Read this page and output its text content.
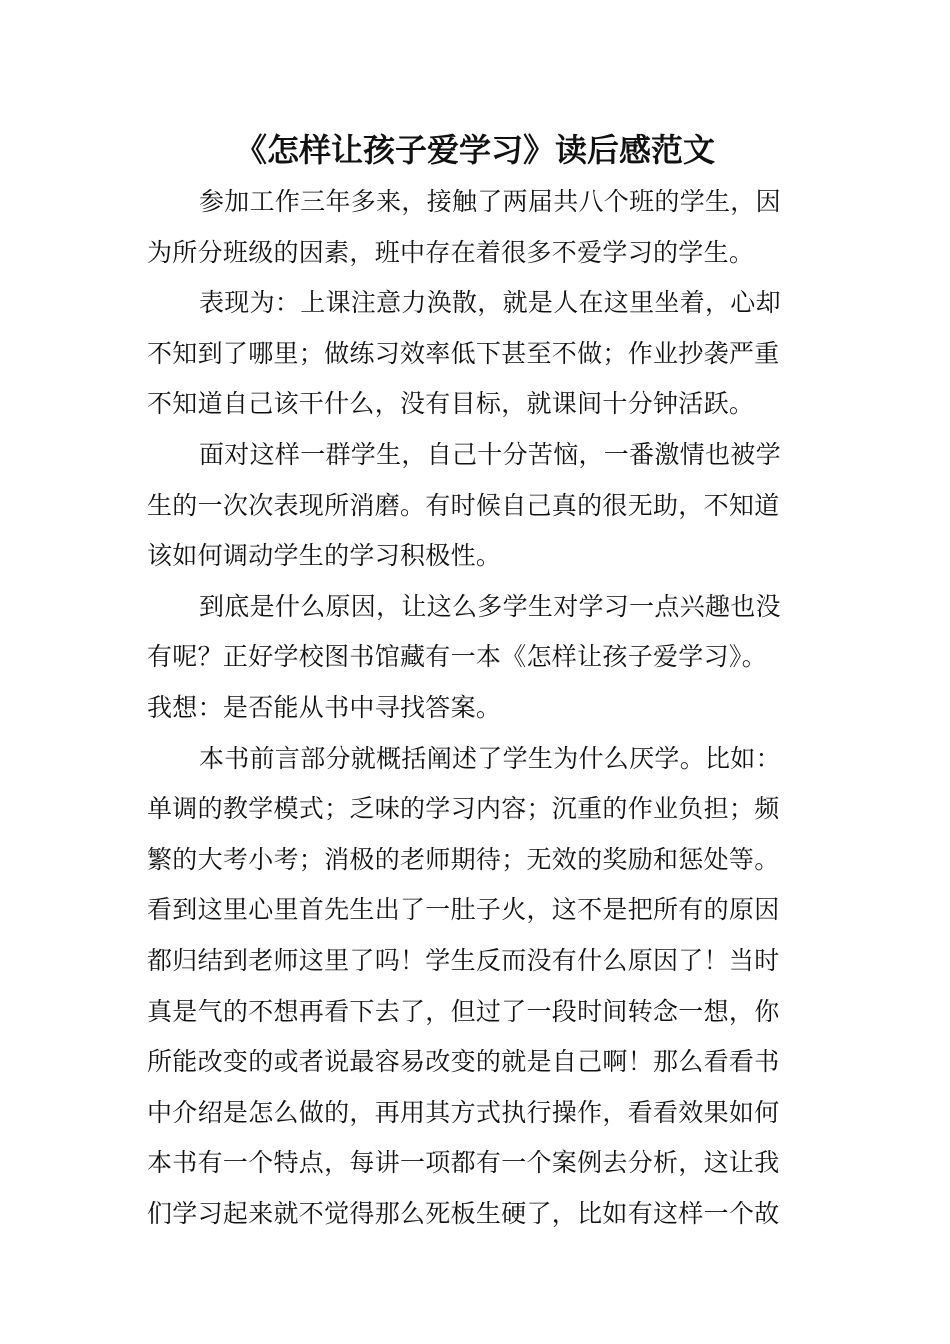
《怎样让孩子爱学习》读后感范文
参加工作三年多来，接触了两届共八个班的学生，因
为所分班级的因素，班中存在着很多不爱学习的学生。
表现为：上课注意力涣散，就是人在这里坐着，心却
不知到了哪里；做练习效率低下甚至不做；作业抄袭严重
不知道自己该干什么，没有目标，就课间十分钟活跃。
面对这样一群学生，自己十分苦恼，一番激情也被学
生的一次次表现所消磨。有时候自己真的很无助，不知道
该如何调动学生的学习积极性。
到底是什么原因，让这么多学生对学习一点兴趣也没
有呢？正好学校图书馆藏有一本《怎样让孩子爱学习》。
我想：是否能从书中寻找答案。
本书前言部分就概括阐述了学生为什么厌学。比如：
单调的教学模式；乏味的学习内容；沉重的作业负担；频
繁的大考小考；消极的老师期待；无效的奖励和惩处等。
看到这里心里首先生出了一肚子火，这不是把所有的原因
都归结到老师这里了吗！学生反而没有什么原因了！当时
真是气的不想再看下去了，但过了一段时间转念一想，你
所能改变的或者说最容易改变的就是自己啊！那么看看书
中介绍是怎么做的，再用其方式执行操作，看看效果如何
本书有一个特点，每讲一项都有一个案例去分析，这让我
们学习起来就不觉得那么死板生硬了，比如有这样一个故
